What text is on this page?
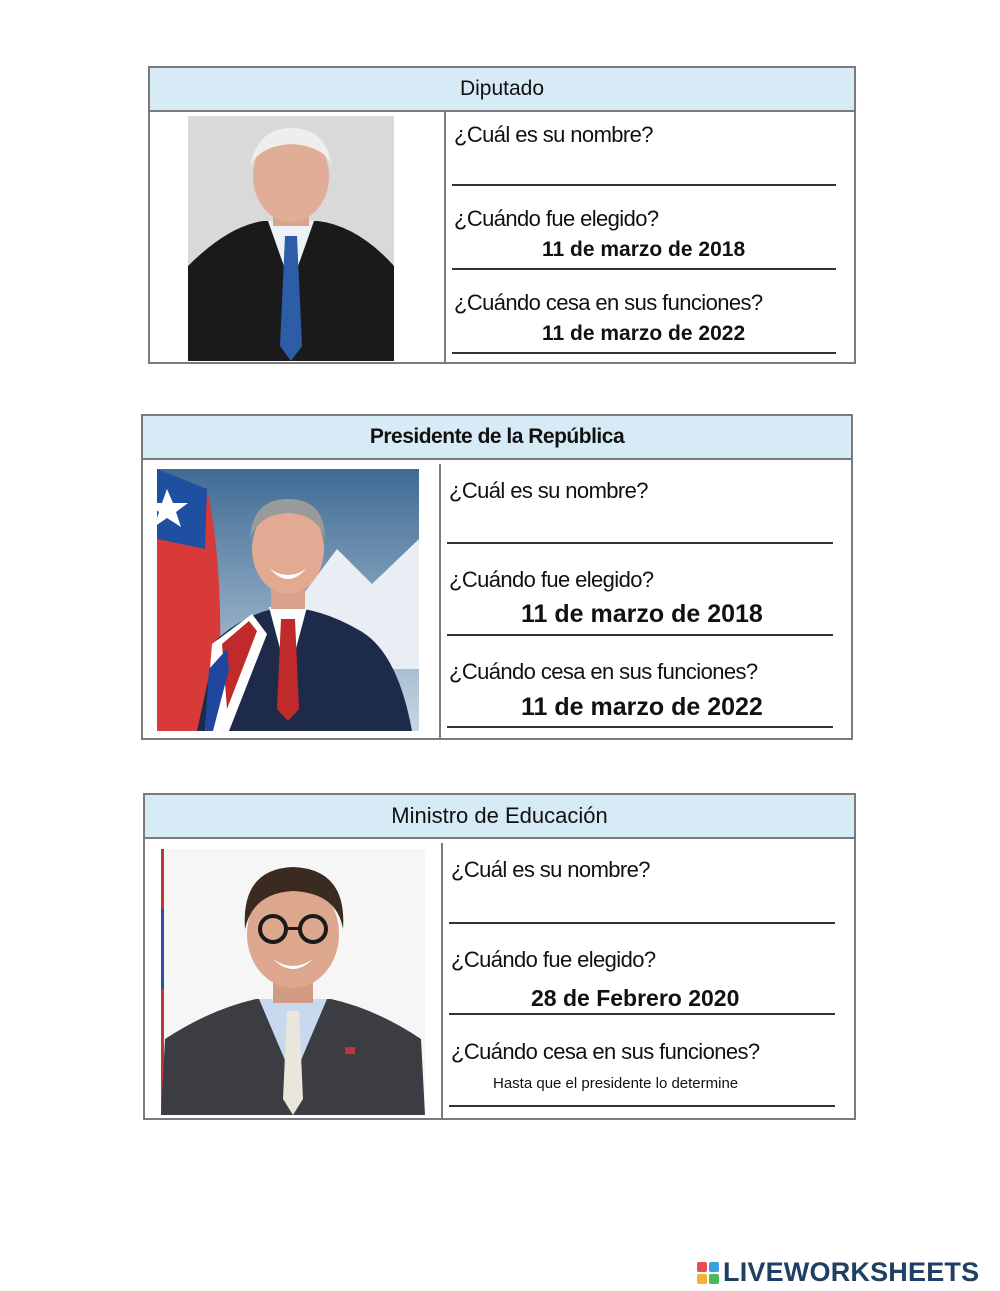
Diputado
¿Cuál es su nombre?
¿Cuándo fue elegido?
11 de marzo de 2018
¿Cuándo cesa en sus funciones?
11 de marzo de 2022
Presidente de la República
¿Cuál es su nombre?
¿Cuándo fue elegido?
11 de marzo de 2018
¿Cuándo cesa en sus funciones?
11 de marzo de 2022
Ministro de Educación
¿Cuál es su nombre?
¿Cuándo fue elegido?
28 de Febrero 2020
¿Cuándo cesa en sus funciones?
Hasta que el presidente lo determine
LIVEWORKSHEETS
